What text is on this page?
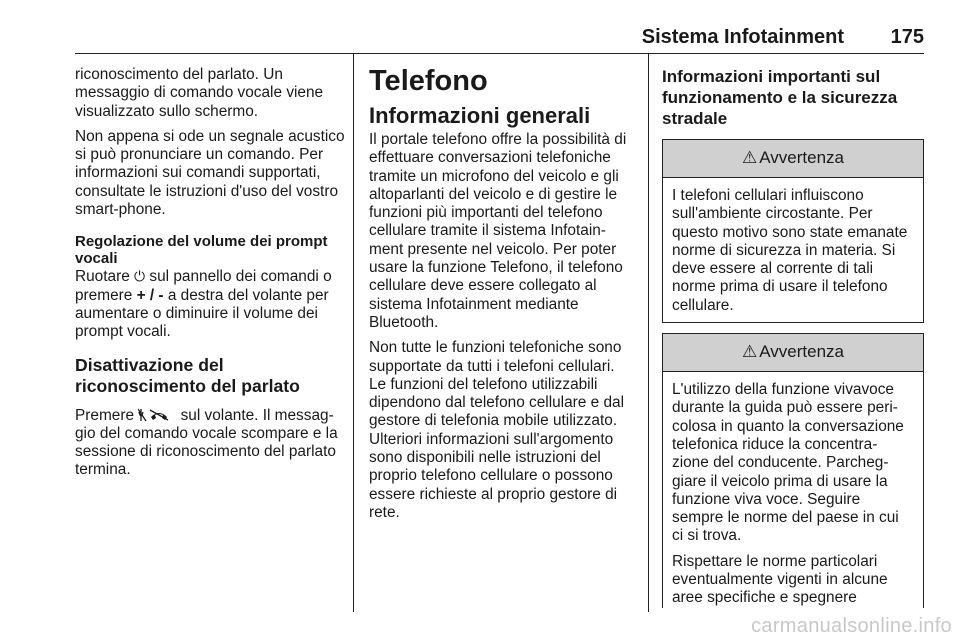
Sistema Infotainment 175

riconoscimento del parlato. Un messaggio di comando vocale viene visualizzato sullo schermo.

Non appena si ode un segnale acustico si può pronunciare un comando. Per informazioni sui comandi supportati, consultate le istruzioni d'uso del vostro smart-phone.

Regolazione del volume dei prompt vocali

Ruotare ⏻ sul pannello dei comandi o premere + / - a destra del volante per aumentare o diminuire il volume dei prompt vocali.

Disattivazione del riconoscimento del parlato

Premere  sul volante. Il messag-gio del comando vocale scompare e la sessione di riconoscimento del parlato termina.

Telefono
Informazioni generali

Il portale telefono offre la possibilità di effettuare conversazioni telefoniche tramite un microfono del veicolo e gli altoparlanti del veicolo e di gestire le funzioni più importanti del telefono cellulare tramite il sistema Infotain-ment presente nel veicolo. Per poter usare la funzione Telefono, il telefono cellulare deve essere collegato al sistema Infotainment mediante Bluetooth.

Non tutte le funzioni telefoniche sono supportate da tutti i telefoni cellulari. Le funzioni del telefono utilizzabili dipendono dal telefono cellulare e dal gestore di telefonia mobile utilizzato. Ulteriori informazioni sull'argomento sono disponibili nelle istruzioni del proprio telefono cellulare o possono essere richieste al proprio gestore di rete.

Informazioni importanti sul funzionamento e la sicurezza stradale
⚠ Avvertenza

I telefoni cellulari influiscono sull'ambiente circostante. Per questo motivo sono state emanate norme di sicurezza in materia. Si deve essere al corrente di tali norme prima di usare il telefono cellulare.

⚠ Avvertenza

L'utilizzo della funzione vivavoce durante la guida può essere peri-colosa in quanto la conversazione telefonica riduce la concentra-zione del conducente. Parcheg-giare il veicolo prima di usare la funzione viva voce. Seguire sempre le norme del paese in cui ci si trova.

Rispettare le norme particolari eventualmente vigenti in alcune aree specifiche e spegnere

carmanualsonline.info
